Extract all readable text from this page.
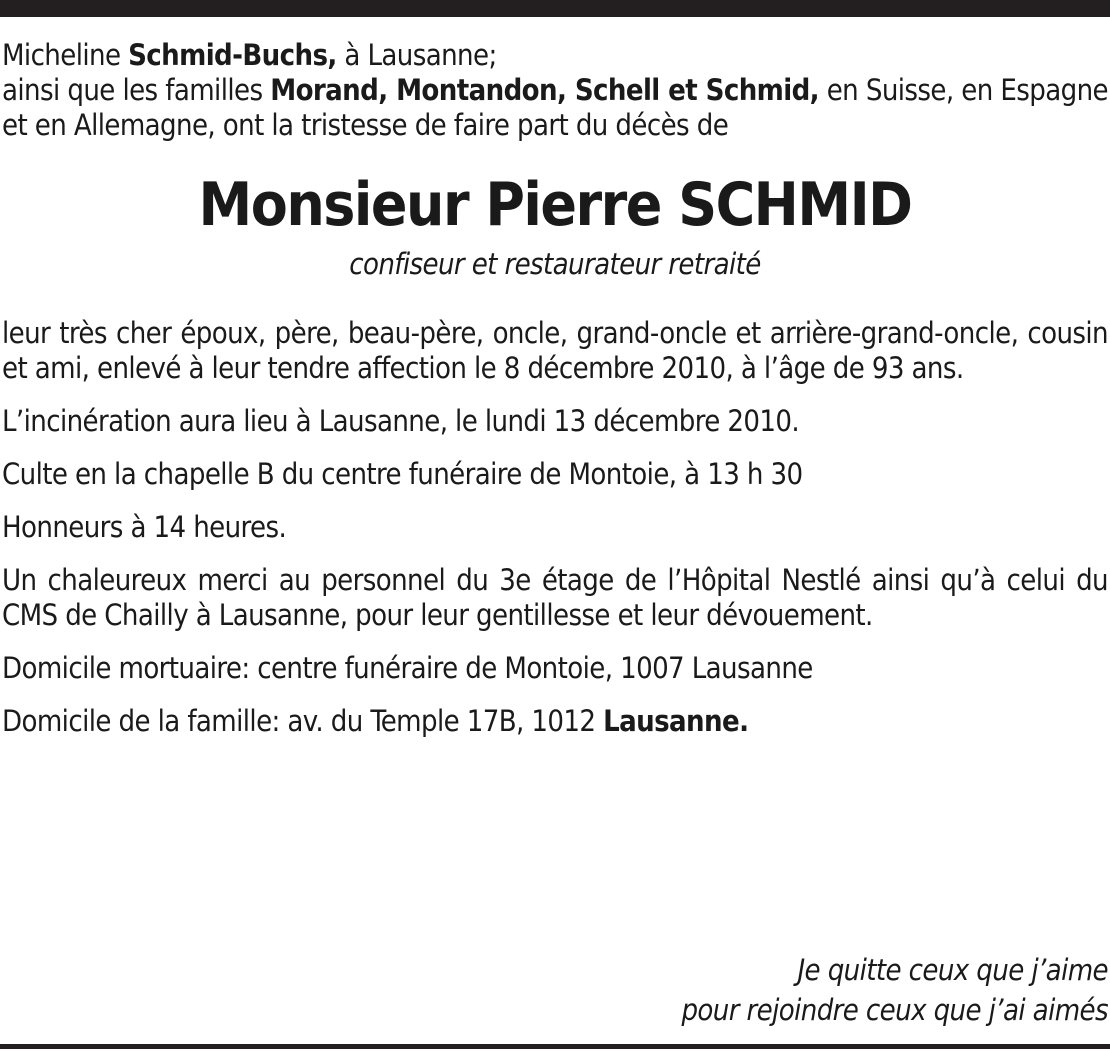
Micheline Schmid-Buchs, à Lausanne;

ainsi que les familles Morand, Montandon, Schell et Schmid, en Suisse, en Espagne et en Allemagne, ont la tristesse de faire part du décès de

Monsieur Pierre SCHMID

confiseur et restaurateur retraité

leur très cher époux, père, beau-père, oncle, grand-oncle et arrière-grand-oncle, cousin et ami, enlevé à leur tendre affection le 8 décembre 2010, à l’âge de 93 ans.

L’incinération aura lieu à Lausanne, le lundi 13 décembre 2010.

Culte en la chapelle B du centre funéraire de Montoie, à 13 h 30

Honneurs à 14 heures.

Un chaleureux merci au personnel du 3e étage de l’Hôpital Nestlé ainsi qu’à celui du CMS de Chailly à Lausanne, pour leur gentillesse et leur dévouement.

Domicile mortuaire: centre funéraire de Montoie, 1007 Lausanne

Domicile de la famille: av. du Temple 17B, 1012 Lausanne.

Je quitte ceux que j’aime
pour rejoindre ceux que j’ai aimés
